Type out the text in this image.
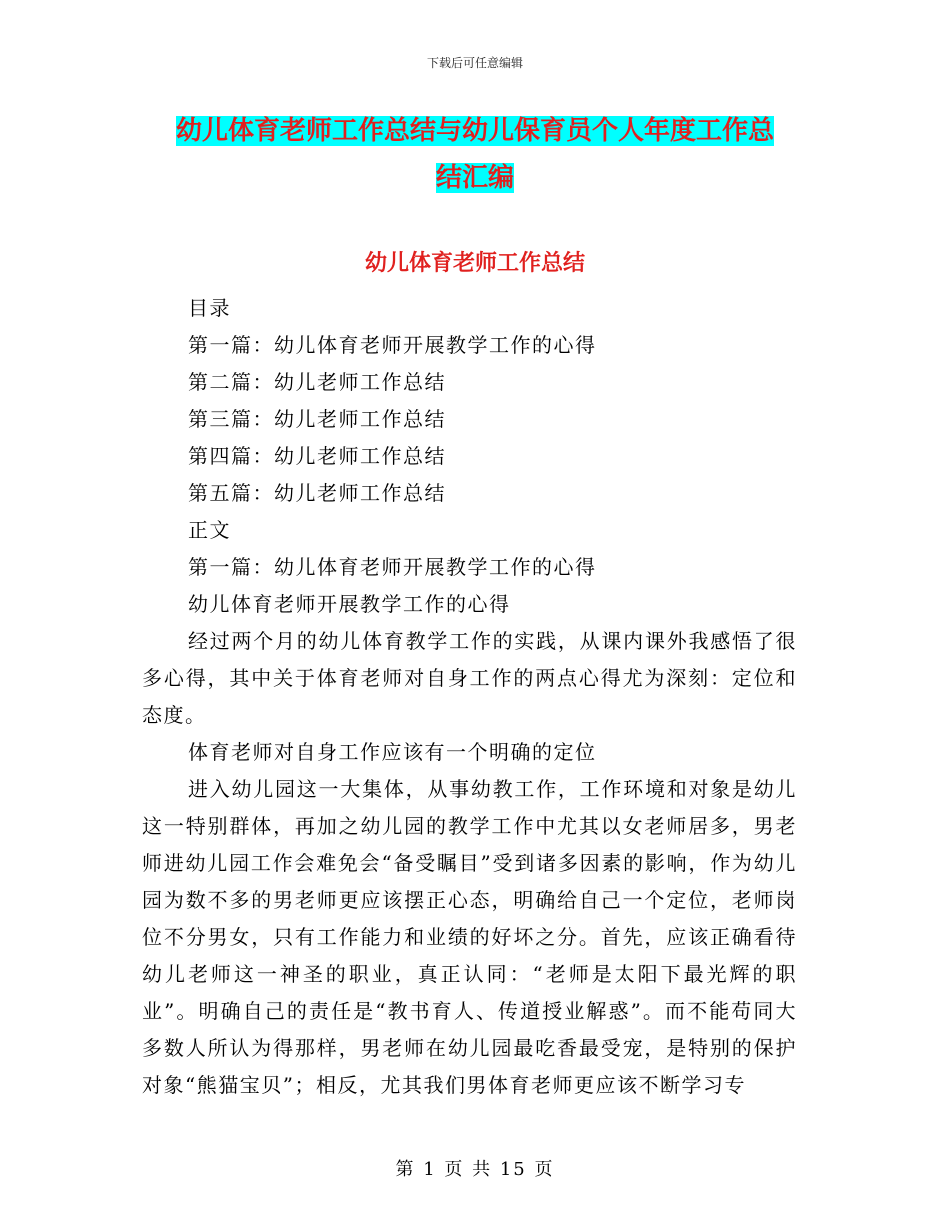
下载后可任意编辑
幼儿体育老师工作总结与幼儿保育员个人年度工作总
结汇编
幼儿体育老师工作总结

目录

第一篇：幼儿体育老师开展教学工作的心得

第二篇：幼儿老师工作总结

第三篇：幼儿老师工作总结

第四篇：幼儿老师工作总结

第五篇：幼儿老师工作总结

正文

第一篇：幼儿体育老师开展教学工作的心得

幼儿体育老师开展教学工作的心得

经过两个月的幼儿体育教学工作的实践，从课内课外我感悟了很多心得，其中关于体育老师对自身工作的两点心得尤为深刻：定位和态度。

体育老师对自身工作应该有一个明确的定位

进入幼儿园这一大集体，从事幼教工作，工作环境和对象是幼儿这一特别群体，再加之幼儿园的教学工作中尤其以女老师居多，男老师进幼儿园工作会难免会“备受瞩目”受到诸多因素的影响，作为幼儿园为数不多的男老师更应该摆正心态，明确给自己一个定位，老师岗位不分男女，只有工作能力和业绩的好坏之分。首先，应该正确看待幼儿老师这一神圣的职业，真正认同：“老师是太阳下最光辉的职业”。明确自己的责任是“教书育人、传道授业解惑”。而不能苟同大多数人所认为得那样，男老师在幼儿园最吃香最受宠，是特别的保护对象“熊猫宝贝”；相反，尤其我们男体育老师更应该不断学习专

第 1 页 共 15 页
